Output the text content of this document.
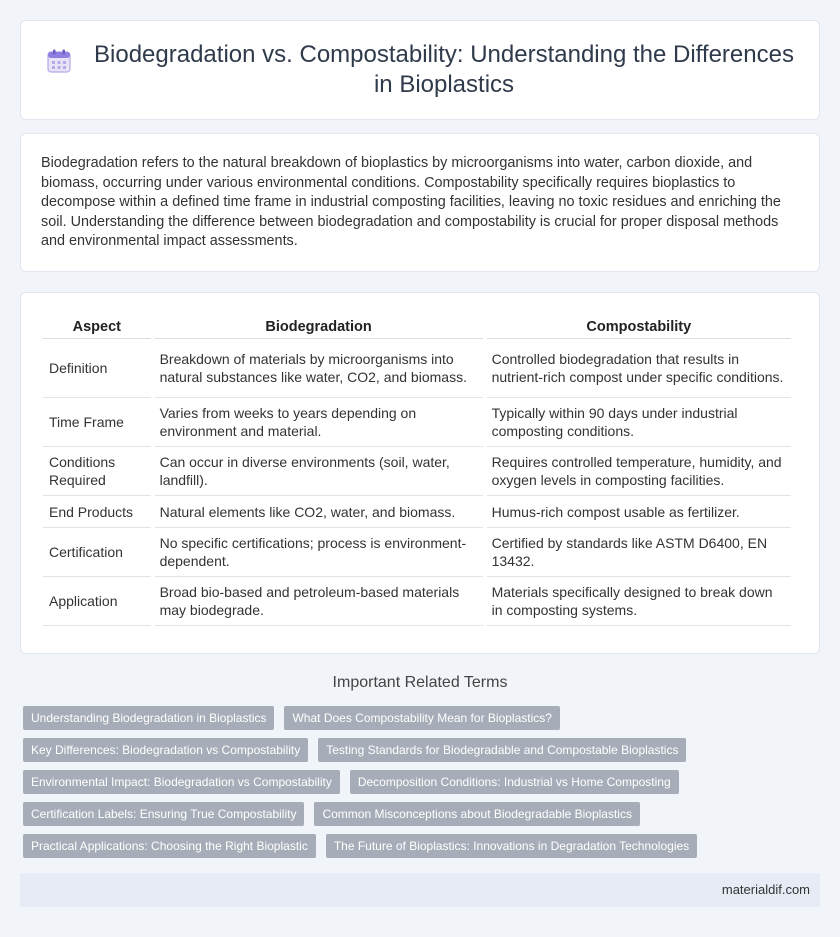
Biodegradation vs. Compostability: Understanding the Differences in Bioplastics

Biodegradation refers to the natural breakdown of bioplastics by microorganisms into water, carbon dioxide, and biomass, occurring under various environmental conditions. Compostability specifically requires bioplastics to decompose within a defined time frame in industrial composting facilities, leaving no toxic residues and enriching the soil. Understanding the difference between biodegradation and compostability is crucial for proper disposal methods and environmental impact assessments.

Aspect	Biodegradation	Compostability
Definition	Breakdown of materials by microorganisms into natural substances like water, CO2, and biomass.	Controlled biodegradation that results in nutrient-rich compost under specific conditions.
Time Frame	Varies from weeks to years depending on environment and material.	Typically within 90 days under industrial composting conditions.
Conditions Required	Can occur in diverse environments (soil, water, landfill).	Requires controlled temperature, humidity, and oxygen levels in composting facilities.
End Products	Natural elements like CO2, water, and biomass.	Humus-rich compost usable as fertilizer.
Certification	No specific certifications; process is environment-dependent.	Certified by standards like ASTM D6400, EN 13432.
Application	Broad bio-based and petroleum-based materials may biodegrade.	Materials specifically designed to break down in composting systems.
Important Related Terms
Understanding Biodegradation in Bioplastics	What Does Compostability Mean for Bioplastics?
Key Differences: Biodegradation vs Compostability	Testing Standards for Biodegradable and Compostable Bioplastics
Environmental Impact: Biodegradation vs Compostability	Decomposition Conditions: Industrial vs Home Composting
Certification Labels: Ensuring True Compostability	Common Misconceptions about Biodegradable Bioplastics
Practical Applications: Choosing the Right Bioplastic	The Future of Bioplastics: Innovations in Degradation Technologies
materialdif.com
